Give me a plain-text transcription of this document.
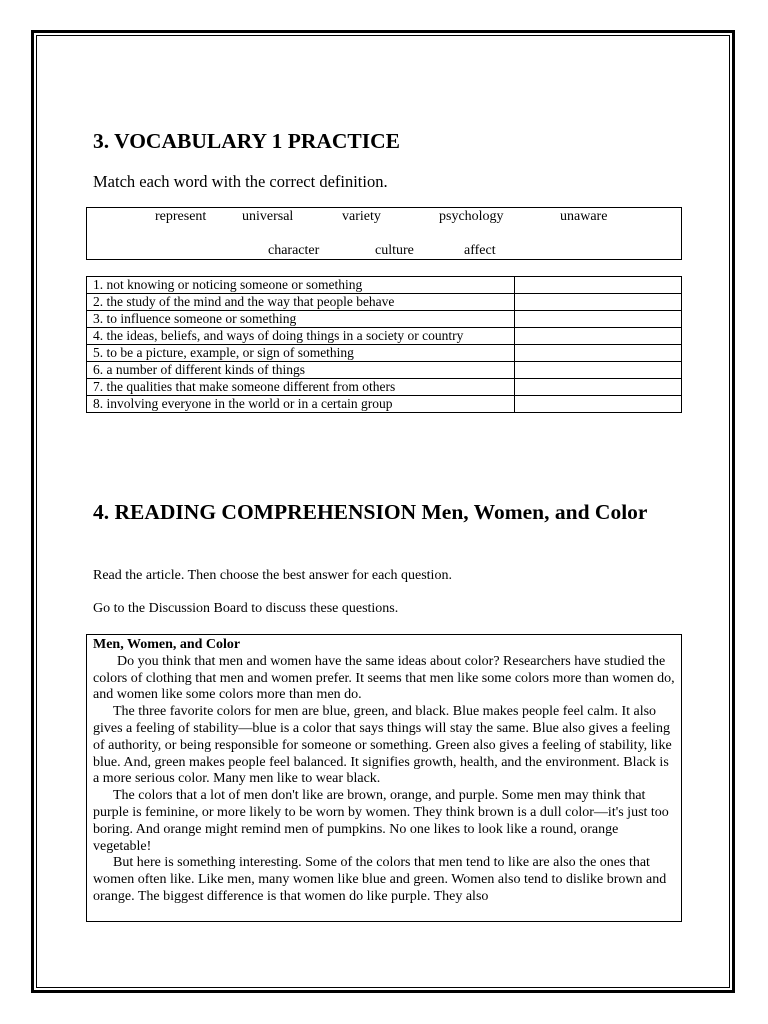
3. VOCABULARY 1 PRACTICE

Match each word with the correct definition.

represent	universal	variety	psychology	unaware
character	culture	affect
1. not knowing or noticing someone or something	
2. the study of the mind and the way that people behave	
3. to influence someone or something	
4. the ideas, beliefs, and ways of doing things in a society or country	
5. to be a picture, example, or sign of something	
6. a number of different kinds of things	
7. the qualities that make someone different from others	
8. involving everyone in the world or in a certain group	
4. READING COMPREHENSION Men, Women, and Color

Read the article. Then choose the best answer for each question.

Go to the Discussion Board to discuss these questions.

Men, Women, and Color

Do you think that men and women have the same ideas about color? Researchers have studied the colors of clothing that men and women prefer. It seems that men like some colors more than women do, and women like some colors more than men do.

The three favorite colors for men are blue, green, and black. Blue makes people feel calm. It also gives a feeling of stability—blue is a color that says things will stay the same. Blue also gives a feeling of authority, or being responsible for someone or something. Green also gives a feeling of stability, like blue. And, green makes people feel balanced. It signifies growth, health, and the environment. Black is a more serious color. Many men like to wear black.

The colors that a lot of men don't like are brown, orange, and purple. Some men may think that purple is feminine, or more likely to be worn by women. They think brown is a dull color—it's just too boring. And orange might remind men of pumpkins. No one likes to look like a round, orange vegetable!

But here is something interesting. Some of the colors that men tend to like are also the ones that women often like. Like men, many women like blue and green. Women also tend to dislike brown and orange. The biggest difference is that women do like purple. They also
